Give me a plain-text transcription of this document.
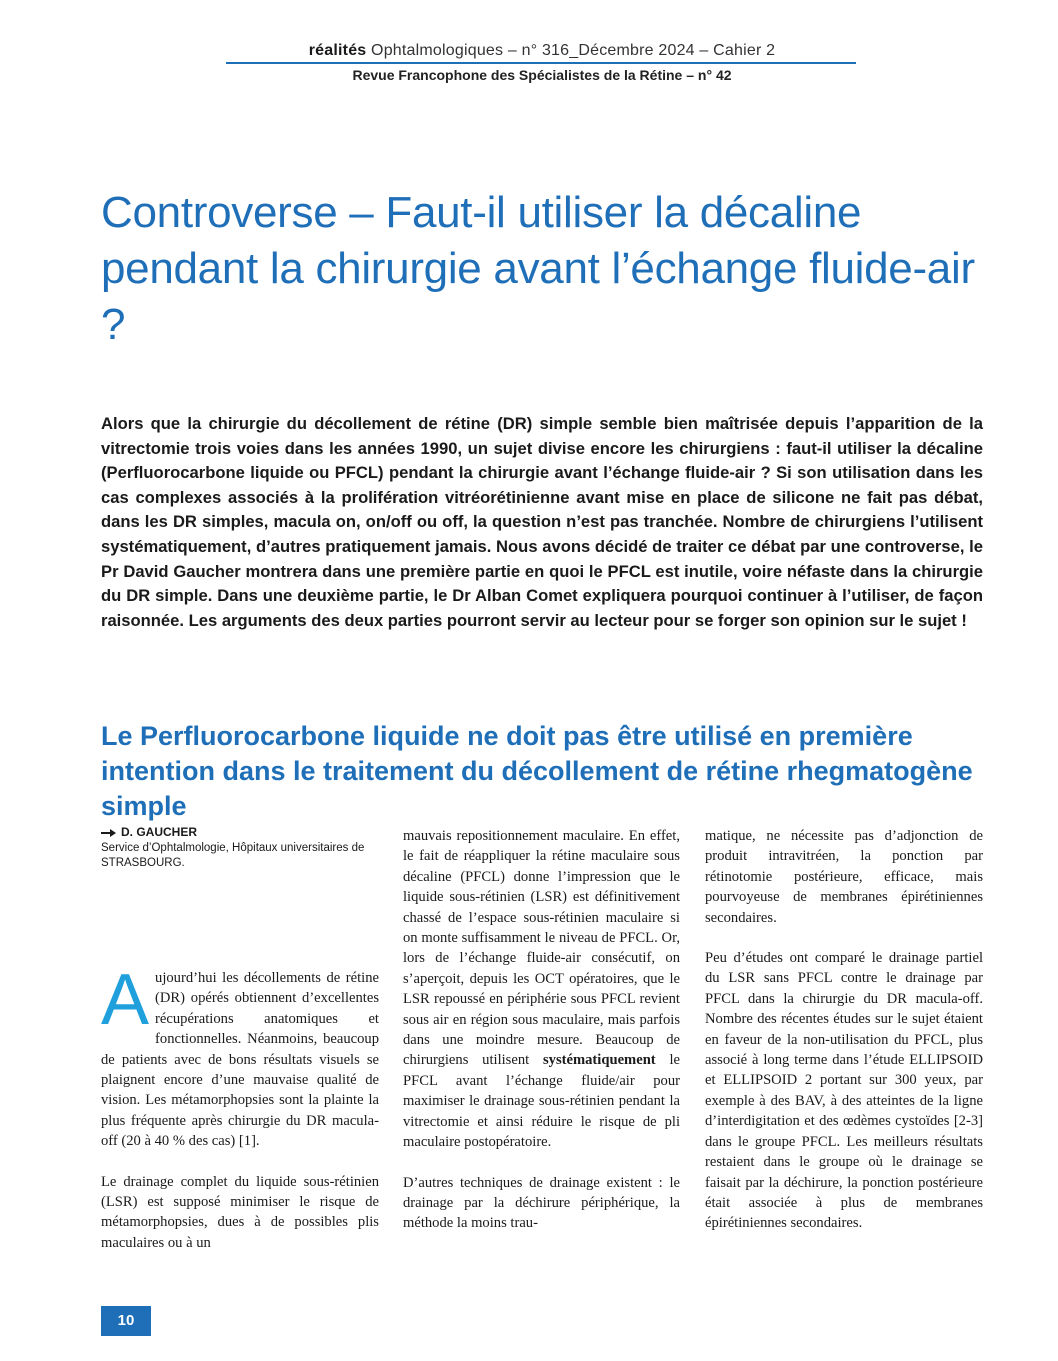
réalités Ophtalmologiques – n° 316_Décembre 2024 – Cahier 2
Revue Francophone des Spécialistes de la Rétine – n° 42
Controverse – Faut-il utiliser la décaline pendant la chirurgie avant l’échange fluide-air ?

Alors que la chirurgie du décollement de rétine (DR) simple semble bien maîtrisée depuis l’apparition de la vitrectomie trois voies dans les années 1990, un sujet divise encore les chirurgiens : faut-il utiliser la décaline (Perfluorocarbone liquide ou PFCL) pendant la chirurgie avant l’échange fluide-air ? Si son utilisation dans les cas complexes associés à la prolifération vitréorétinienne avant mise en place de silicone ne fait pas débat, dans les DR simples, macula on, on/off ou off, la question n’est pas tranchée. Nombre de chirurgiens l’utilisent systématiquement, d’autres pratiquement jamais. Nous avons décidé de traiter ce débat par une controverse, le Pr David Gaucher montrera dans une première partie en quoi le PFCL est inutile, voire néfaste dans la chirurgie du DR simple. Dans une deuxième partie, le Dr Alban Comet expliquera pourquoi continuer à l’utiliser, de façon raisonnée. Les arguments des deux parties pourront servir au lecteur pour se forger son opinion sur le sujet !

Le Perfluorocarbone liquide ne doit pas être utilisé en première intention dans le traitement du décollement de rétine rhegmatogène simple
D. GAUCHER
Service d’Ophtalmologie, Hôpitaux universitaires de STRASBOURG.

Aujourd’hui les décollements de rétine (DR) opérés obtiennent d’excellentes récupérations anatomiques et fonctionnelles. Néanmoins, beaucoup de patients avec de bons résultats visuels se plaignent encore d’une mauvaise qualité de vision. Les métamorphopsies sont la plainte la plus fréquente après chirurgie du DR macula-off (20 à 40 % des cas) [1].

Le drainage complet du liquide sous-rétinien (LSR) est supposé minimiser le risque de métamorphopsies, dues à de possibles plis maculaires ou à un

mauvais repositionnement maculaire. En effet, le fait de réappliquer la rétine maculaire sous décaline (PFCL) donne l’impression que le liquide sous-rétinien (LSR) est définitivement chassé de l’espace sous-rétinien maculaire si on monte suffisamment le niveau de PFCL. Or, lors de l’échange fluide-air consécutif, on s’aperçoit, depuis les OCT opératoires, que le LSR repoussé en périphérie sous PFCL revient sous air en région sous maculaire, mais parfois dans une moindre mesure. Beaucoup de chirurgiens utilisent systématiquement le PFCL avant l’échange fluide/air pour maximiser le drainage sous-rétinien pendant la vitrectomie et ainsi réduire le risque de pli maculaire postopératoire.

D’autres techniques de drainage existent : le drainage par la déchirure périphérique, la méthode la moins trau-

matique, ne nécessite pas d’adjonction de produit intravitréen, la ponction par rétinotomie postérieure, efficace, mais pourvoyeuse de membranes épirétiniennes secondaires.

Peu d’études ont comparé le drainage partiel du LSR sans PFCL contre le drainage par PFCL dans la chirurgie du DR macula-off. Nombre des récentes études sur le sujet étaient en faveur de la non-utilisation du PFCL, plus associé à long terme dans l’étude ELLIPSOID et ELLIPSOID 2 portant sur 300 yeux, par exemple à des BAV, à des atteintes de la ligne d’interdigitation et des œdèmes cystoïdes [2-3] dans le groupe PFCL. Les meilleurs résultats restaient dans le groupe où le drainage se faisait par la déchirure, la ponction postérieure était associée à plus de membranes épirétiniennes secondaires.

10
